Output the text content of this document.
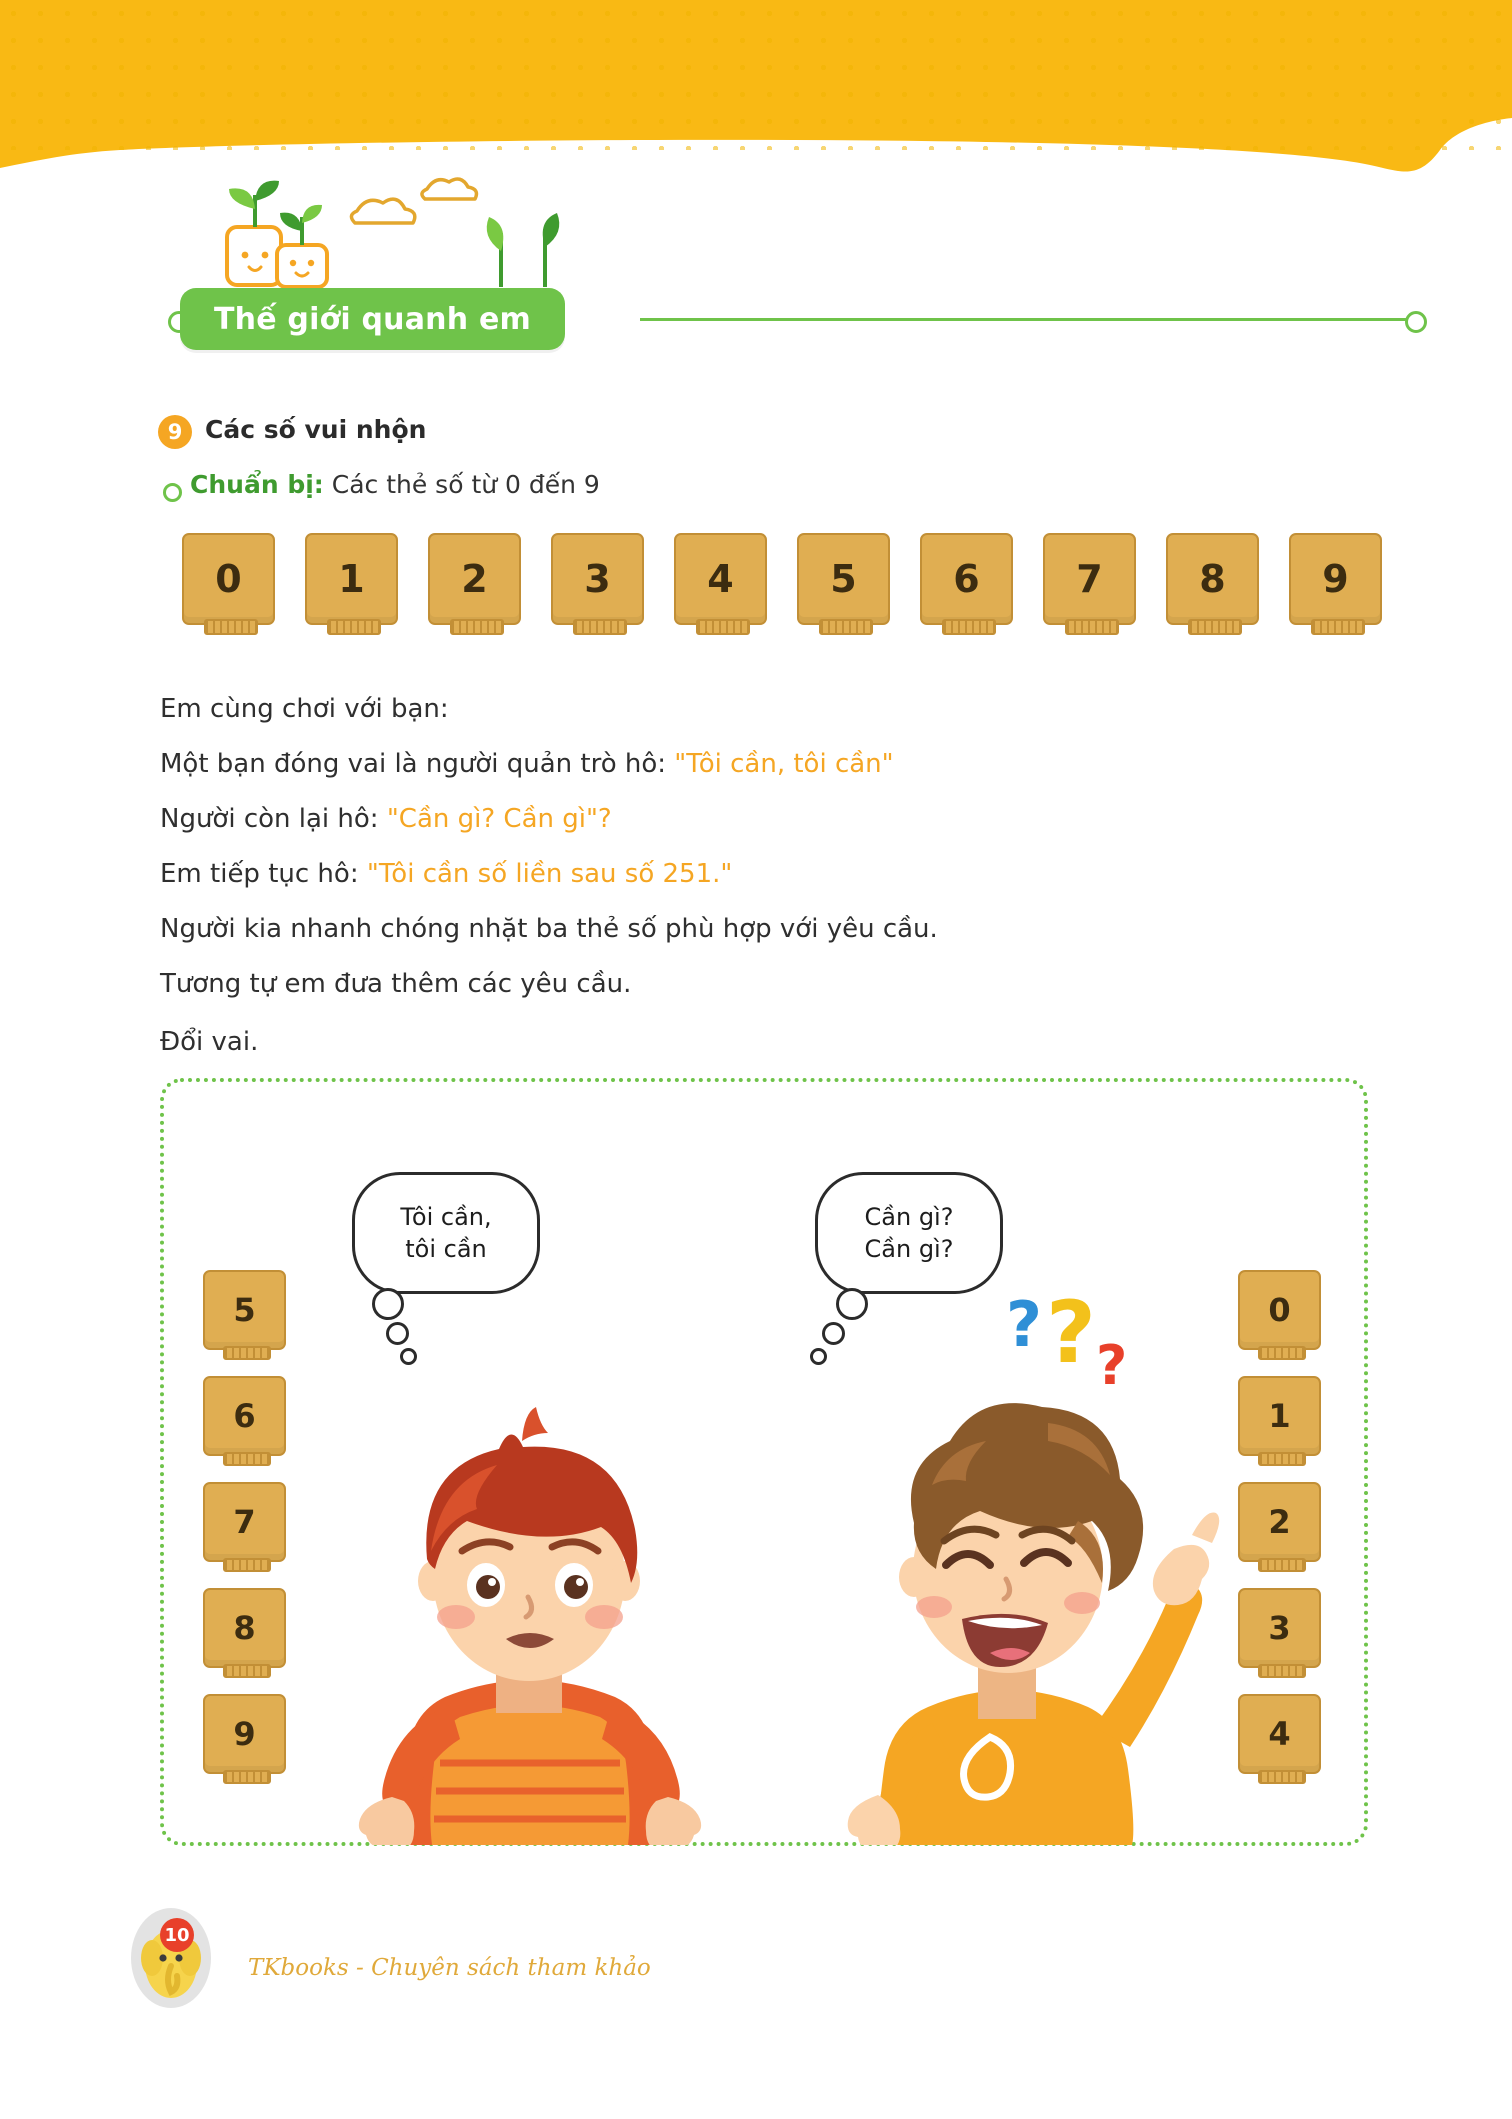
Thế giới quanh em
9 Các số vui nhộn
Chuẩn bị: Các thẻ số từ 0 đến 9
0	1	2	3	4	5	6	7	8	9
Em cùng chơi với bạn:
Một bạn đóng vai là người quản trò hô: "Tôi cần, tôi cần"
Người còn lại hô: "Cần gì? Cần gì"?
Em tiếp tục hô: "Tôi cần số liền sau số 251."
Người kia nhanh chóng nhặt ba thẻ số phù hợp với yêu cầu.
Tương tự em đưa thêm các yêu cầu.
Đổi vai.
5
6
7
8
9
0
1
2
3
4
Tôi cần,
tôi cần
Cần gì?
Cần gì?
? ? ?
10
TKbooks - Chuyên sách tham khảo
